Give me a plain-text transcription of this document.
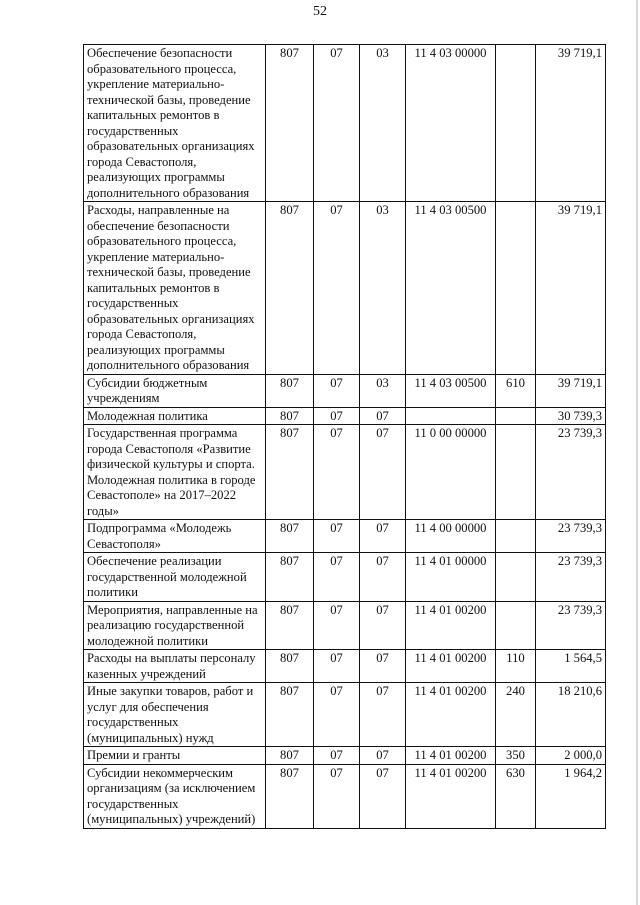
52
Обеспечение безопасности образовательного процесса, укрепление материально-технической базы, проведение капитальных ремонтов в государственных образовательных организациях города Севастополя, реализующих программы дополнительного образования	807	07	03	11 4 03 00000		39 719,1
Расходы, направленные на обеспечение безопасности образовательного процесса, укрепление материально-технической базы, проведение капитальных ремонтов в государственных образовательных организациях города Севастополя, реализующих программы дополнительного образования	807	07	03	11 4 03 00500		39 719,1
Субсидии бюджетным учреждениям	807	07	03	11 4 03 00500	610	39 719,1
Молодежная политика	807	07	07			30 739,3
Государственная программа города Севастополя «Развитие физической культуры и спорта. Молодежная политика в городе Севастополе» на 2017–2022 годы»	807	07	07	11 0 00 00000		23 739,3
Подпрограмма «Молодежь Севастополя»	807	07	07	11 4 00 00000		23 739,3
Обеспечение реализации государственной молодежной политики	807	07	07	11 4 01 00000		23 739,3
Мероприятия, направленные на реализацию государственной молодежной политики	807	07	07	11 4 01 00200		23 739,3
Расходы на выплаты персоналу казенных учреждений	807	07	07	11 4 01 00200	110	1 564,5
Иные закупки товаров, работ и услуг для обеспечения государственных (муниципальных) нужд	807	07	07	11 4 01 00200	240	18 210,6
Премии и гранты	807	07	07	11 4 01 00200	350	2 000,0
Субсидии некоммерческим организациям (за исключением государственных (муниципальных) учреждений)	807	07	07	11 4 01 00200	630	1 964,2
